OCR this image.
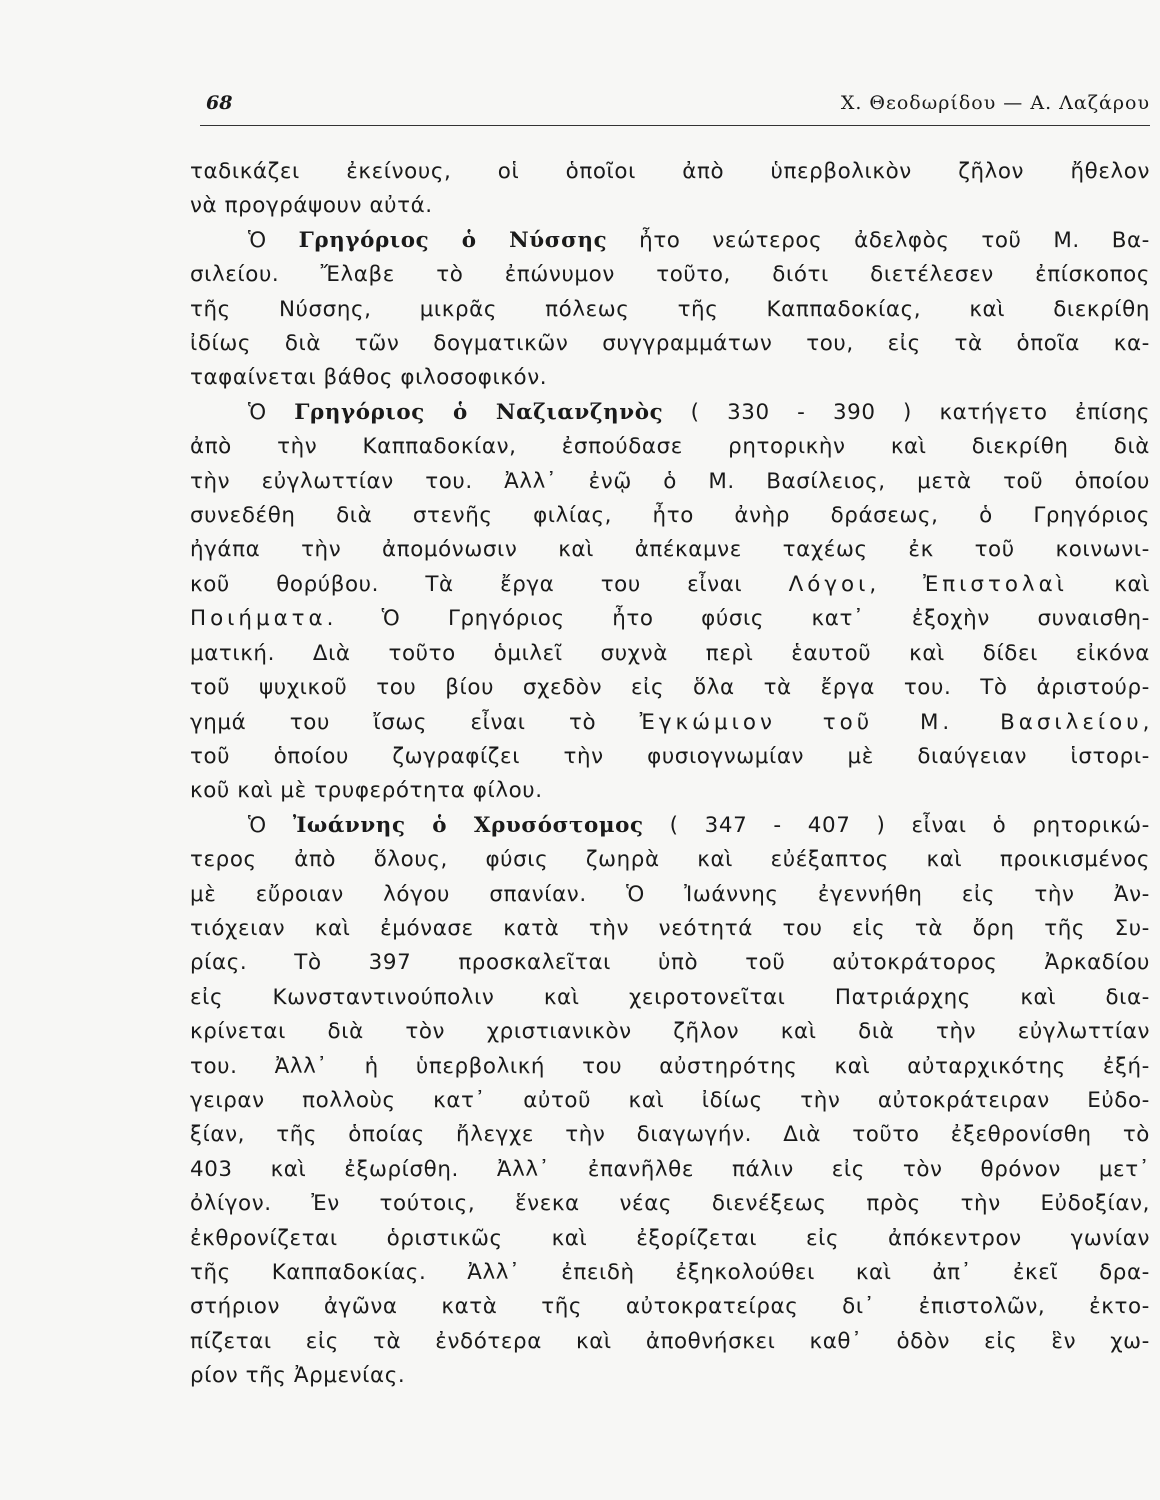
68	Χ. Θεοδωρίδου — Α. Λαζάρου
ταδικάζει ἐκείνους, οἱ ὁποῖοι ἀπὸ ὑπερβολικὸν ζῆλον ἤθελον
νὰ προγράψουν αὐτά.
Ὁ Γρηγόριος ὁ Νύσσης ἦτο νεώτερος ἀδελφὸς τοῦ Μ. Βα-
σιλείου. Ἔλαβε τὸ ἐπώνυμον τοῦτο, διότι διετέλεσεν ἐπίσκοπος
τῆς Νύσσης, μικρᾶς πόλεως τῆς Καππαδοκίας, καὶ διεκρίθη
ἰδίως διὰ τῶν δογματικῶν συγγραμμάτων του, εἰς τὰ ὁποῖα κα-
ταφαίνεται βάθος φιλοσοφικόν.
Ὁ Γρηγόριος ὁ Ναζιανζηνὸς ( 330 - 390 ) κατήγετο ἐπίσης
ἀπὸ τὴν Καππαδοκίαν, ἐσπούδασε ρητορικὴν καὶ διεκρίθη διὰ
τὴν εὐγλωττίαν του. Ἀλλ᾽ ἐνῷ ὁ Μ. Βασίλειος, μετὰ τοῦ ὁποίου
συνεδέθη διὰ στενῆς φιλίας, ἦτο ἀνὴρ δράσεως, ὁ Γρηγόριος
ἠγάπα τὴν ἀπομόνωσιν καὶ ἀπέκαμνε ταχέως ἐκ τοῦ κοινωνι-
κοῦ θορύβου. Τὰ ἔργα του εἶναι Λόγοι, Ἐπιστολαὶ καὶ
Ποιήματα. Ὁ Γρηγόριος ἦτο φύσις κατ᾽ ἐξοχὴν συναισθη-
ματική. Διὰ τοῦτο ὁμιλεῖ συχνὰ περὶ ἑαυτοῦ καὶ δίδει εἰκόνα
τοῦ ψυχικοῦ του βίου σχεδὸν εἰς ὅλα τὰ ἔργα του. Τὸ ἀριστούρ-
γημά του ἴσως εἶναι τὸ Ἐγκώμιον τοῦ Μ. Βασιλείου,
τοῦ ὁποίου ζωγραφίζει τὴν φυσιογνωμίαν μὲ διαύγειαν ἱστορι-
κοῦ καὶ μὲ τρυφερότητα φίλου.
Ὁ Ἰωάννης ὁ Χρυσόστομος ( 347 - 407 ) εἶναι ὁ ρητορικώ-
τερος ἀπὸ ὅλους, φύσις ζωηρὰ καὶ εὐέξαπτος καὶ προικισμένος
μὲ εὔροιαν λόγου σπανίαν. Ὁ Ἰωάννης ἐγεννήθη εἰς τὴν Ἀν-
τιόχειαν καὶ ἐμόνασε κατὰ τὴν νεότητά του εἰς τὰ ὄρη τῆς Συ-
ρίας. Τὸ 397 προσκαλεῖται ὑπὸ τοῦ αὐτοκράτορος Ἀρκαδίου
εἰς Κωνσταντινούπολιν καὶ χειροτονεῖται Πατριάρχης καὶ δια-
κρίνεται διὰ τὸν χριστιανικὸν ζῆλον καὶ διὰ τὴν εὐγλωττίαν
του. Ἀλλ᾽ ἡ ὑπερβολική του αὐστηρότης καὶ αὐταρχικότης ἐξή-
γειραν πολλοὺς κατ᾽ αὐτοῦ καὶ ἰδίως τὴν αὐτοκράτειραν Εὐδο-
ξίαν, τῆς ὁποίας ἤλεγχε τὴν διαγωγήν. Διὰ τοῦτο ἐξεθρονίσθη τὸ
403 καὶ ἐξωρίσθη. Ἀλλ᾽ ἐπανῆλθε πάλιν εἰς τὸν θρόνον μετ᾽
ὀλίγον. Ἐν τούτοις, ἕνεκα νέας διενέξεως πρὸς τὴν Εὐδοξίαν,
ἐκθρονίζεται ὁριστικῶς καὶ ἐξορίζεται εἰς ἀπόκεντρον γωνίαν
τῆς Καππαδοκίας. Ἀλλ᾽ ἐπειδὴ ἐξηκολούθει καὶ ἀπ᾽ ἐκεῖ δρα-
στήριον ἀγῶνα κατὰ τῆς αὐτοκρατείρας δι᾽ ἐπιστολῶν, ἐκτο-
πίζεται εἰς τὰ ἐνδότερα καὶ ἀποθνήσκει καθ᾽ ὁδὸν εἰς ἓν χω-
ρίον τῆς Ἀρμενίας.
